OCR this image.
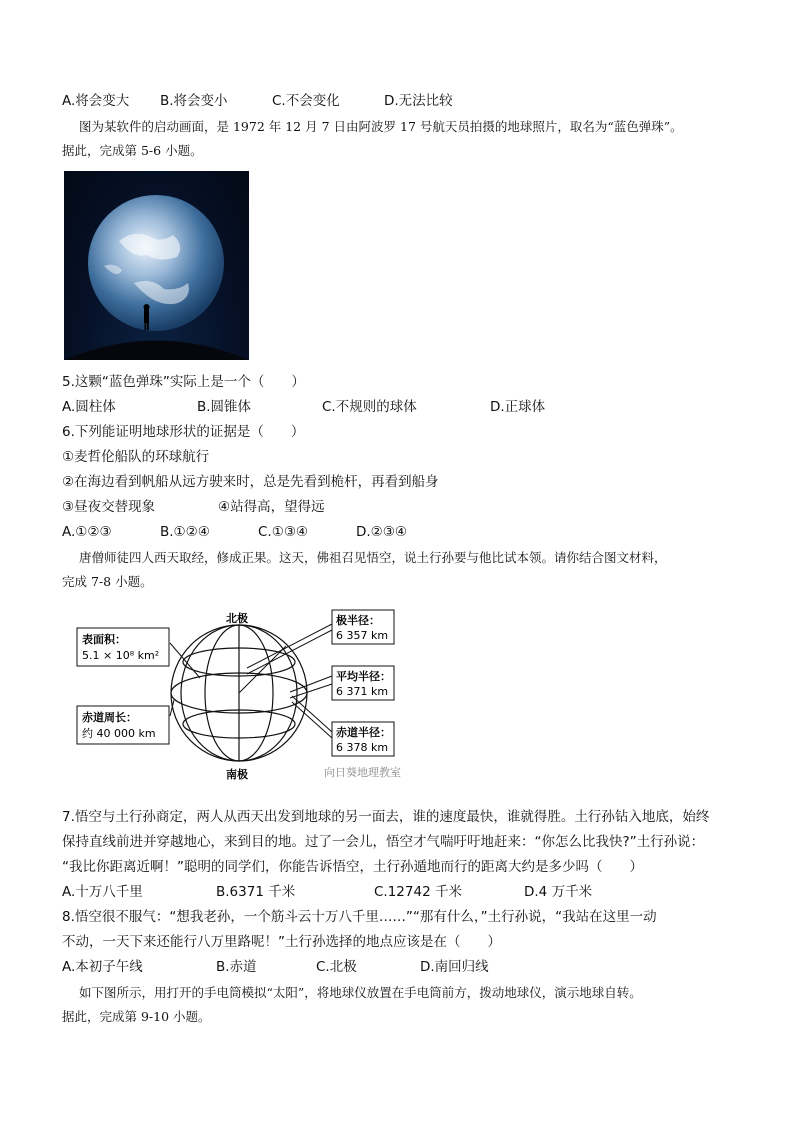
A.将会变大 B.将会变小	C.不会变化	D.无法比较
图为某软件的启动画面，是 1972 年 12 月 7 日由阿波罗 17 号航天员拍摄的地球照片，取名为“蓝色弹珠”。
据此，完成第 5-6 小题。
5.这颗“蓝色弹珠”实际上是一个（　　）
A.圆柱体	B.圆锥体	C.不规则的球体	D.正球体
6.下列能证明地球形状的证据是（　　）
①麦哲伦船队的环球航行
②在海边看到帆船从远方驶来时，总是先看到桅杆，再看到船身
③昼夜交替现象	④站得高，望得远
A.①②③	B.①②④	C.①③④	D.②③④
唐僧师徒四人西天取经，修成正果。这天，佛祖召见悟空，说土行孙要与他比试本领。请你结合图文材料，
完成 7-8 小题。
北极
南极
表面积：
5.1 × 10⁸ km²
赤道周长：
约 40 000 km
极半径：
6 357 km
平均半径：
6 371 km
赤道半径：
6 378 km
向日葵地理教室
7.悟空与土行孙商定，两人从西天出发到地球的另一面去，谁的速度最快，谁就得胜。土行孙钻入地底，始终
保持直线前进并穿越地心，来到目的地。过了一会儿，悟空才气喘吁吁地赶来：“你怎么比我快?”土行孙说：
“我比你距离近啊！”聪明的同学们，你能告诉悟空，土行孙遁地而行的距离大约是多少吗（　　）
A.十万八千里	B.6371 千米	C.12742 千米	D.4 万千米
8.悟空很不服气：“想我老孙，一个筋斗云十万八千里……”“那有什么，”土行孙说，“我站在这里一动
不动，一天下来还能行八万里路呢！”土行孙选择的地点应该是在（　　）
A.本初子午线	B.赤道	C.北极	D.南回归线
如下图所示，用打开的手电筒模拟“太阳”，将地球仪放置在手电筒前方，拨动地球仪，演示地球自转。
据此，完成第 9-10 小题。
